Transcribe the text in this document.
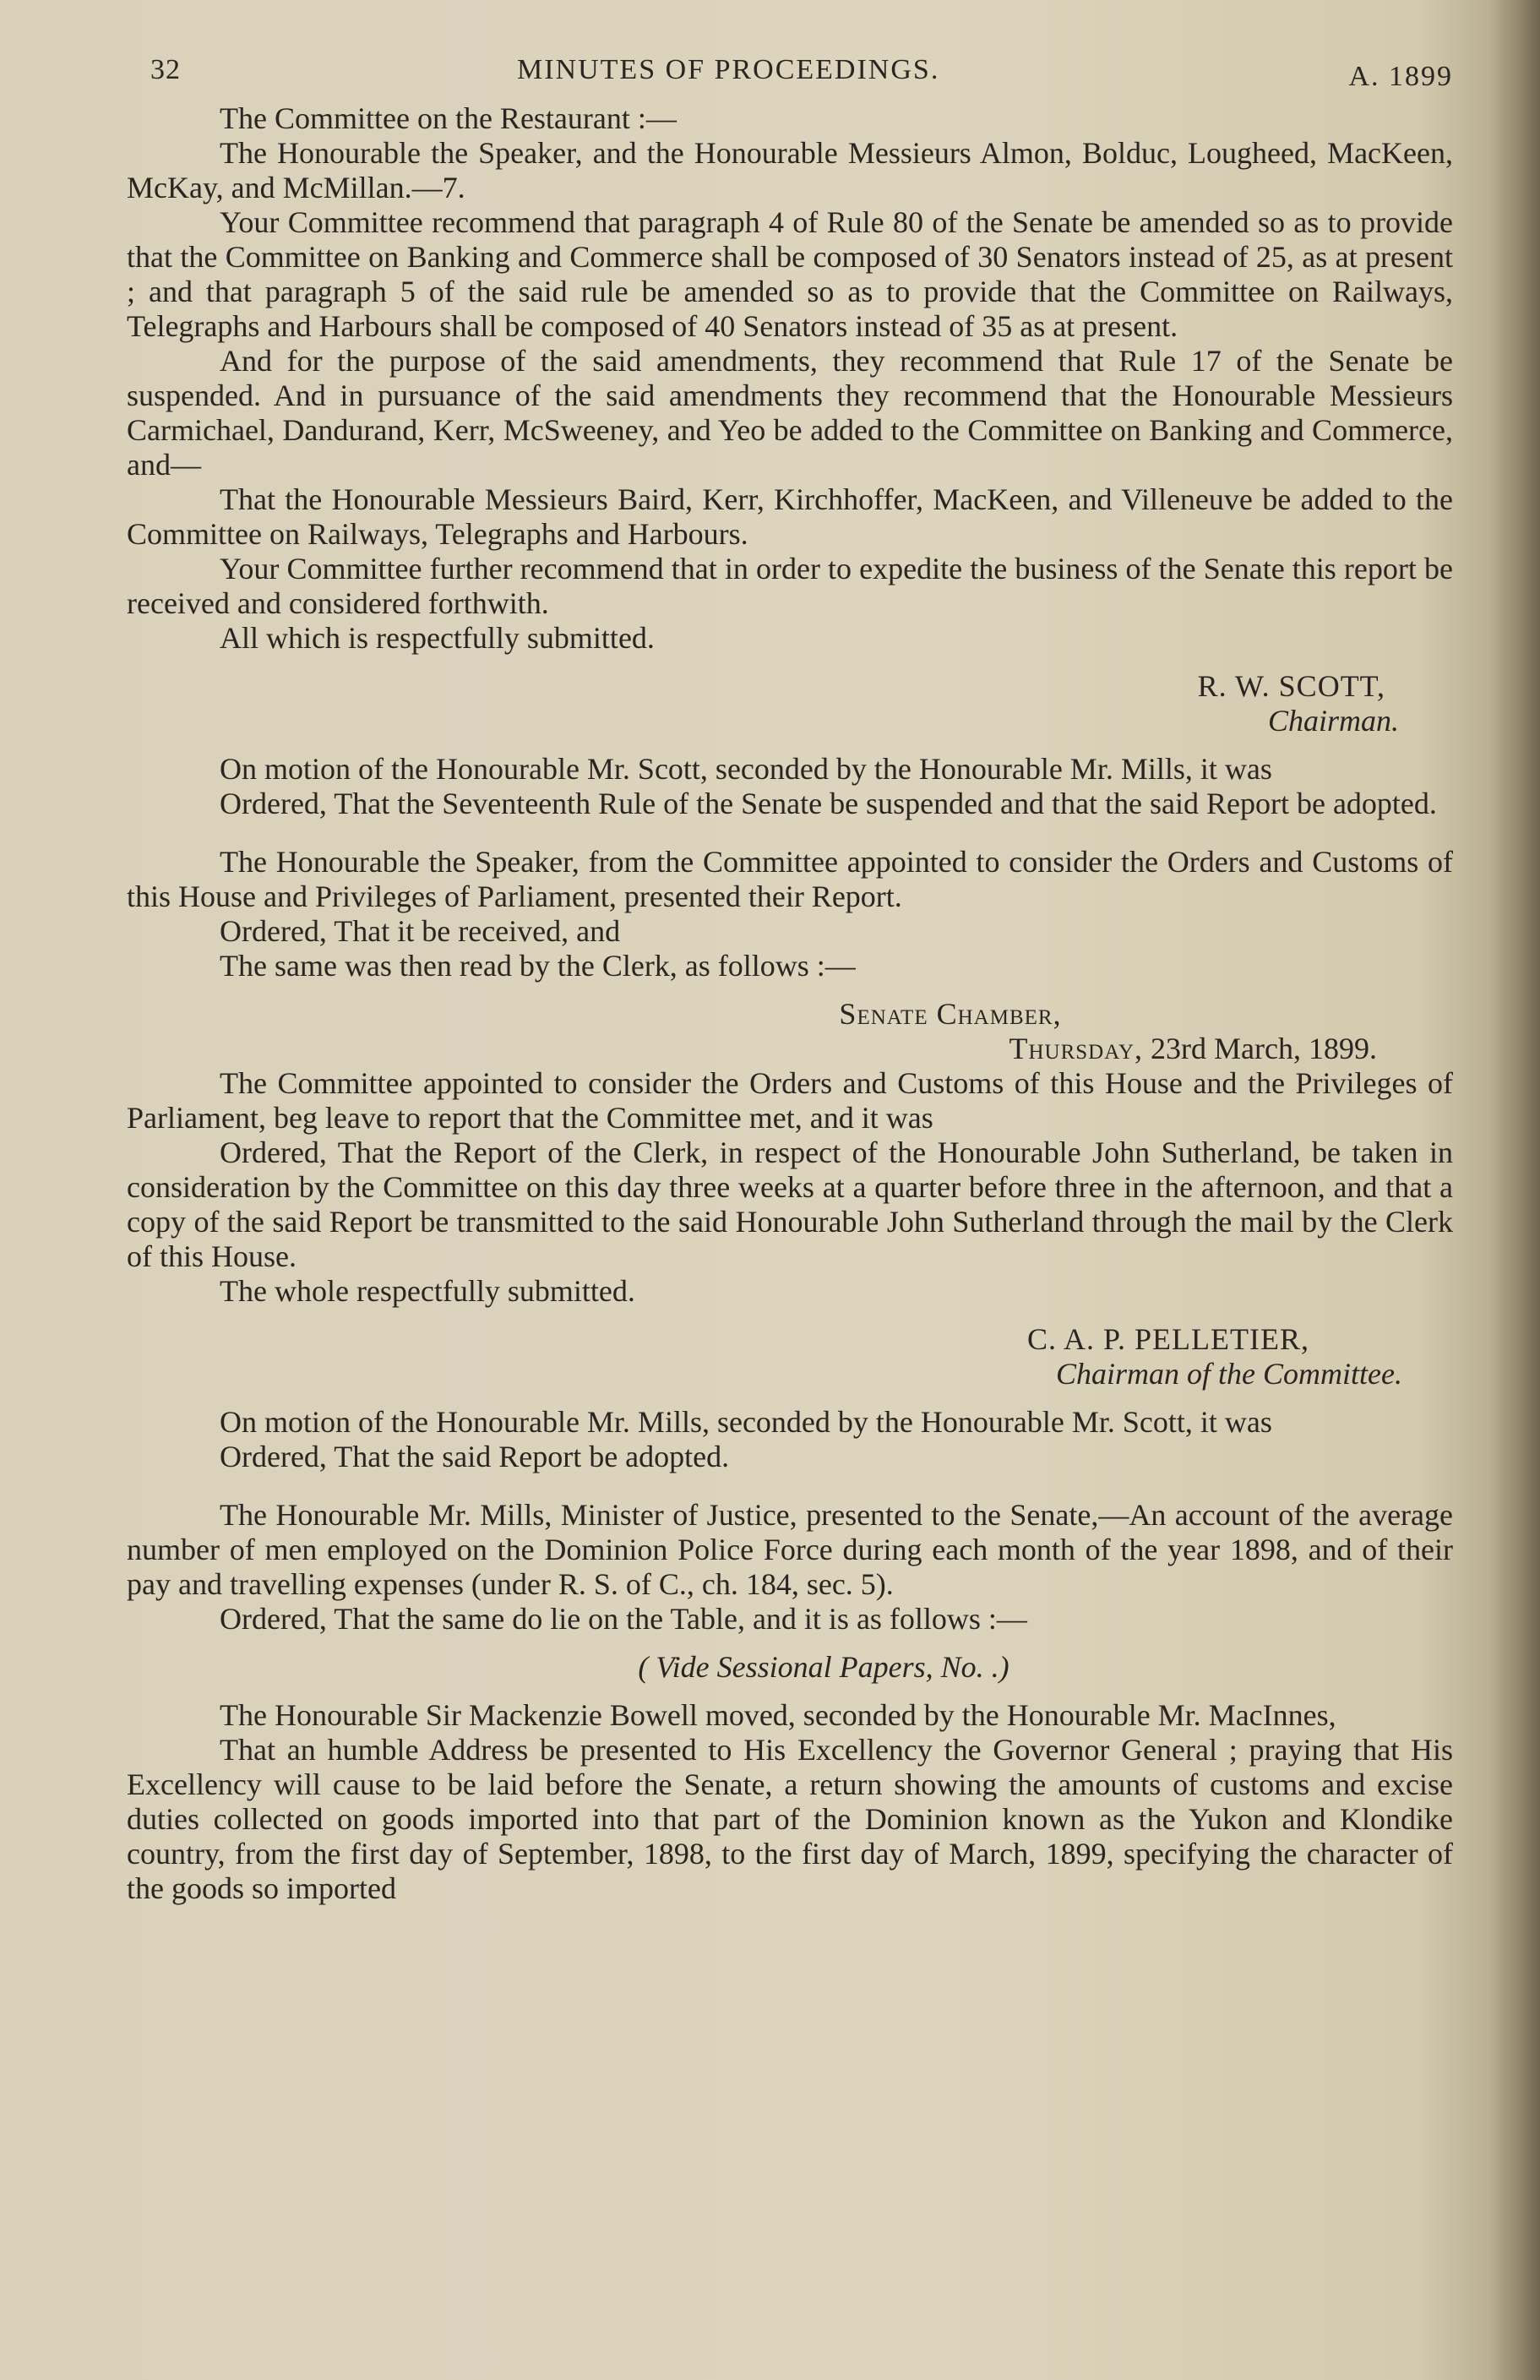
32	MINUTES OF PROCEEDINGS.	A. 1899

The Committee on the Restaurant :—

The Honourable the Speaker, and the Honourable Messieurs Almon, Bolduc, Lougheed, MacKeen, McKay, and McMillan.—7.

Your Committee recommend that paragraph 4 of Rule 80 of the Senate be amended so as to provide that the Committee on Banking and Commerce shall be composed of 30 Senators instead of 25, as at present ; and that paragraph 5 of the said rule be amended so as to provide that the Committee on Railways, Telegraphs and Harbours shall be composed of 40 Senators instead of 35 as at present.

And for the purpose of the said amendments, they recommend that Rule 17 of the Senate be suspended. And in pursuance of the said amendments they recommend that the Honourable Messieurs Carmichael, Dandurand, Kerr, McSweeney, and Yeo be added to the Committee on Banking and Commerce, and—

That the Honourable Messieurs Baird, Kerr, Kirchhoffer, MacKeen, and Villeneuve be added to the Committee on Railways, Telegraphs and Harbours.

Your Committee further recommend that in order to expedite the business of the Senate this report be received and considered forthwith.

All which is respectfully submitted.

R. W. SCOTT,

Chairman.

On motion of the Honourable Mr. Scott, seconded by the Honourable Mr. Mills, it was

Ordered, That the Seventeenth Rule of the Senate be suspended and that the said Report be adopted.

The Honourable the Speaker, from the Committee appointed to consider the Orders and Customs of this House and Privileges of Parliament, presented their Report.

Ordered, That it be received, and

The same was then read by the Clerk, as follows :—

Senate Chamber,

Thursday, 23rd March, 1899.

The Committee appointed to consider the Orders and Customs of this House and the Privileges of Parliament, beg leave to report that the Committee met, and it was

Ordered, That the Report of the Clerk, in respect of the Honourable John Sutherland, be taken in consideration by the Committee on this day three weeks at a quarter before three in the afternoon, and that a copy of the said Report be transmitted to the said Honourable John Sutherland through the mail by the Clerk of this House.

The whole respectfully submitted.

C. A. P. PELLETIER,

Chairman of the Committee.

On motion of the Honourable Mr. Mills, seconded by the Honourable Mr. Scott, it was

Ordered, That the said Report be adopted.

The Honourable Mr. Mills, Minister of Justice, presented to the Senate,—An account of the average number of men employed on the Dominion Police Force during each month of the year 1898, and of their pay and travelling expenses (under R. S. of C., ch. 184, sec. 5).

Ordered, That the same do lie on the Table, and it is as follows :—

( Vide Sessional Papers, No. .)

The Honourable Sir Mackenzie Bowell moved, seconded by the Honourable Mr. MacInnes,

That an humble Address be presented to His Excellency the Governor General ; praying that His Excellency will cause to be laid before the Senate, a return showing the amounts of customs and excise duties collected on goods imported into that part of the Dominion known as the Yukon and Klondike country, from the first day of September, 1898, to the first day of March, 1899, specifying the character of the goods so imported
